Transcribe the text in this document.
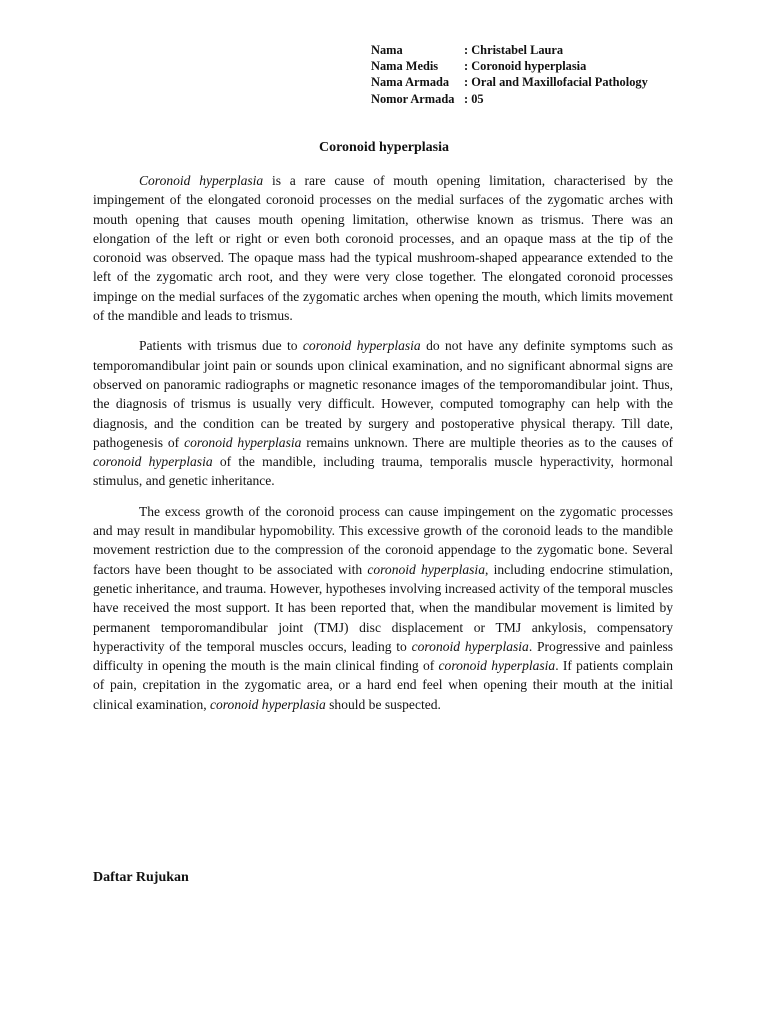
Nama	: Christabel Laura
Nama Medis	: Coronoid hyperplasia
Nama Armada	: Oral and Maxillofacial Pathology
Nomor Armada	: 05
Coronoid hyperplasia

Coronoid hyperplasia is a rare cause of mouth opening limitation, characterised by the impingement of the elongated coronoid processes on the medial surfaces of the zygomatic arches with mouth opening that causes mouth opening limitation, otherwise known as trismus. There was an elongation of the left or right or even both coronoid processes, and an opaque mass at the tip of the coronoid was observed. The opaque mass had the typical mushroom-shaped appearance extended to the left of the zygomatic arch root, and they were very close together. The elongated coronoid processes impinge on the medial surfaces of the zygomatic arches when opening the mouth, which limits movement of the mandible and leads to trismus.

Patients with trismus due to coronoid hyperplasia do not have any definite symptoms such as temporomandibular joint pain or sounds upon clinical examination, and no significant abnormal signs are observed on panoramic radiographs or magnetic resonance images of the temporomandibular joint. Thus, the diagnosis of trismus is usually very difficult. However, computed tomography can help with the diagnosis, and the condition can be treated by surgery and postoperative physical therapy. Till date, pathogenesis of coronoid hyperplasia remains unknown. There are multiple theories as to the causes of coronoid hyperplasia of the mandible, including trauma, temporalis muscle hyperactivity, hormonal stimulus, and genetic inheritance.

The excess growth of the coronoid process can cause impingement on the zygomatic processes and may result in mandibular hypomobility. This excessive growth of the coronoid leads to the mandible movement restriction due to the compression of the coronoid appendage to the zygomatic bone. Several factors have been thought to be associated with coronoid hyperplasia, including endocrine stimulation, genetic inheritance, and trauma. However, hypotheses involving increased activity of the temporal muscles have received the most support. It has been reported that, when the mandibular movement is limited by permanent temporomandibular joint (TMJ) disc displacement or TMJ ankylosis, compensatory hyperactivity of the temporal muscles occurs, leading to coronoid hyperplasia. Progressive and painless difficulty in opening the mouth is the main clinical finding of coronoid hyperplasia. If patients complain of pain, crepitation in the zygomatic area, or a hard end feel when opening their mouth at the initial clinical examination, coronoid hyperplasia should be suspected.

Daftar Rujukan
